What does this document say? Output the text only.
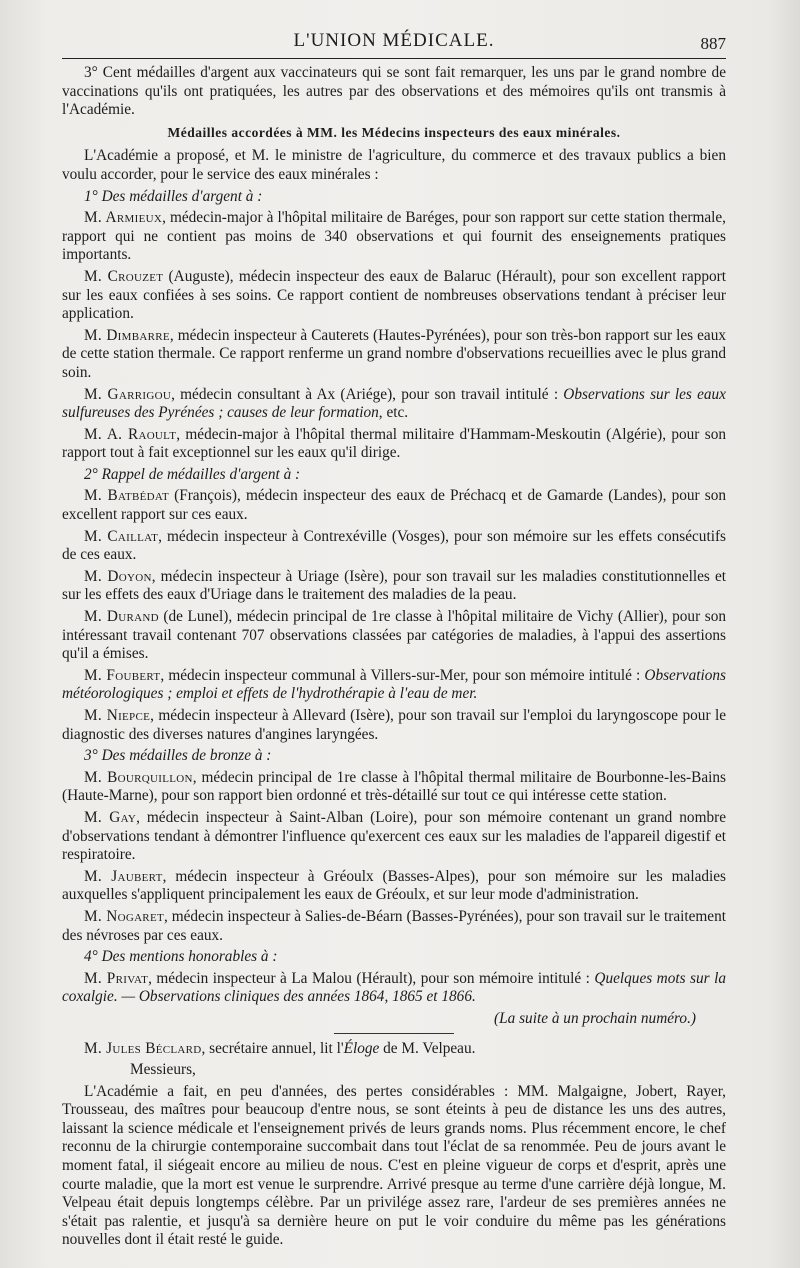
L'UNION MÉDICALE.	887

3° Cent médailles d'argent aux vaccinateurs qui se sont fait remarquer, les uns par le grand nombre de vaccinations qu'ils ont pratiquées, les autres par des observations et des mémoires qu'ils ont transmis à l'Académie.

Médailles accordées à MM. les Médecins inspecteurs des eaux minérales.

L'Académie a proposé, et M. le ministre de l'agriculture, du commerce et des travaux publics a bien voulu accorder, pour le service des eaux minérales :

1° Des médailles d'argent à :

M. Armieux, médecin-major à l'hôpital militaire de Baréges, pour son rapport sur cette station thermale, rapport qui ne contient pas moins de 340 observations et qui fournit des enseignements pratiques importants.

M. Crouzet (Auguste), médecin inspecteur des eaux de Balaruc (Hérault), pour son excellent rapport sur les eaux confiées à ses soins. Ce rapport contient de nombreuses observations tendant à préciser leur application.

M. Dimbarre, médecin inspecteur à Cauterets (Hautes-Pyrénées), pour son très-bon rapport sur les eaux de cette station thermale. Ce rapport renferme un grand nombre d'observations recueillies avec le plus grand soin.

M. Garrigou, médecin consultant à Ax (Ariége), pour son travail intitulé : Observations sur les eaux sulfureuses des Pyrénées ; causes de leur formation, etc.

M. A. Raoult, médecin-major à l'hôpital thermal militaire d'Hammam-Meskoutin (Algérie), pour son rapport tout à fait exceptionnel sur les eaux qu'il dirige.

2° Rappel de médailles d'argent à :

M. Batbédat (François), médecin inspecteur des eaux de Préchacq et de Gamarde (Landes), pour son excellent rapport sur ces eaux.

M. Caillat, médecin inspecteur à Contrexéville (Vosges), pour son mémoire sur les effets consécutifs de ces eaux.

M. Doyon, médecin inspecteur à Uriage (Isère), pour son travail sur les maladies constitutionnelles et sur les effets des eaux d'Uriage dans le traitement des maladies de la peau.

M. Durand (de Lunel), médecin principal de 1re classe à l'hôpital militaire de Vichy (Allier), pour son intéressant travail contenant 707 observations classées par catégories de maladies, à l'appui des assertions qu'il a émises.

M. Foubert, médecin inspecteur communal à Villers-sur-Mer, pour son mémoire intitulé : Observations météorologiques ; emploi et effets de l'hydrothérapie à l'eau de mer.

M. Niepce, médecin inspecteur à Allevard (Isère), pour son travail sur l'emploi du laryngoscope pour le diagnostic des diverses natures d'angines laryngées.

3° Des médailles de bronze à :

M. Bourquillon, médecin principal de 1re classe à l'hôpital thermal militaire de Bourbonne-les-Bains (Haute-Marne), pour son rapport bien ordonné et très-détaillé sur tout ce qui intéresse cette station.

M. Gay, médecin inspecteur à Saint-Alban (Loire), pour son mémoire contenant un grand nombre d'observations tendant à démontrer l'influence qu'exercent ces eaux sur les maladies de l'appareil digestif et respiratoire.

M. Jaubert, médecin inspecteur à Gréoulx (Basses-Alpes), pour son mémoire sur les maladies auxquelles s'appliquent principalement les eaux de Gréoulx, et sur leur mode d'administration.

M. Nogaret, médecin inspecteur à Salies-de-Béarn (Basses-Pyrénées), pour son travail sur le traitement des névroses par ces eaux.

4° Des mentions honorables à :

M. Privat, médecin inspecteur à La Malou (Hérault), pour son mémoire intitulé : Quelques mots sur la coxalgie. — Observations cliniques des années 1864, 1865 et 1866.

(La suite à un prochain numéro.)

M. Jules Béclard, secrétaire annuel, lit l'Éloge de M. Velpeau.

Messieurs,

L'Académie a fait, en peu d'années, des pertes considérables : MM. Malgaigne, Jobert, Rayer, Trousseau, des maîtres pour beaucoup d'entre nous, se sont éteints à peu de distance les uns des autres, laissant la science médicale et l'enseignement privés de leurs grands noms. Plus récemment encore, le chef reconnu de la chirurgie contemporaine succombait dans tout l'éclat de sa renommée. Peu de jours avant le moment fatal, il siégeait encore au milieu de nous. C'est en pleine vigueur de corps et d'esprit, après une courte maladie, que la mort est venue le surprendre. Arrivé presque au terme d'une carrière déjà longue, M. Velpeau était depuis longtemps célèbre. Par un privilége assez rare, l'ardeur de ses premières années ne s'était pas ralentie, et jusqu'à sa dernière heure on put le voir conduire du même pas les générations nouvelles dont il était resté le guide.
